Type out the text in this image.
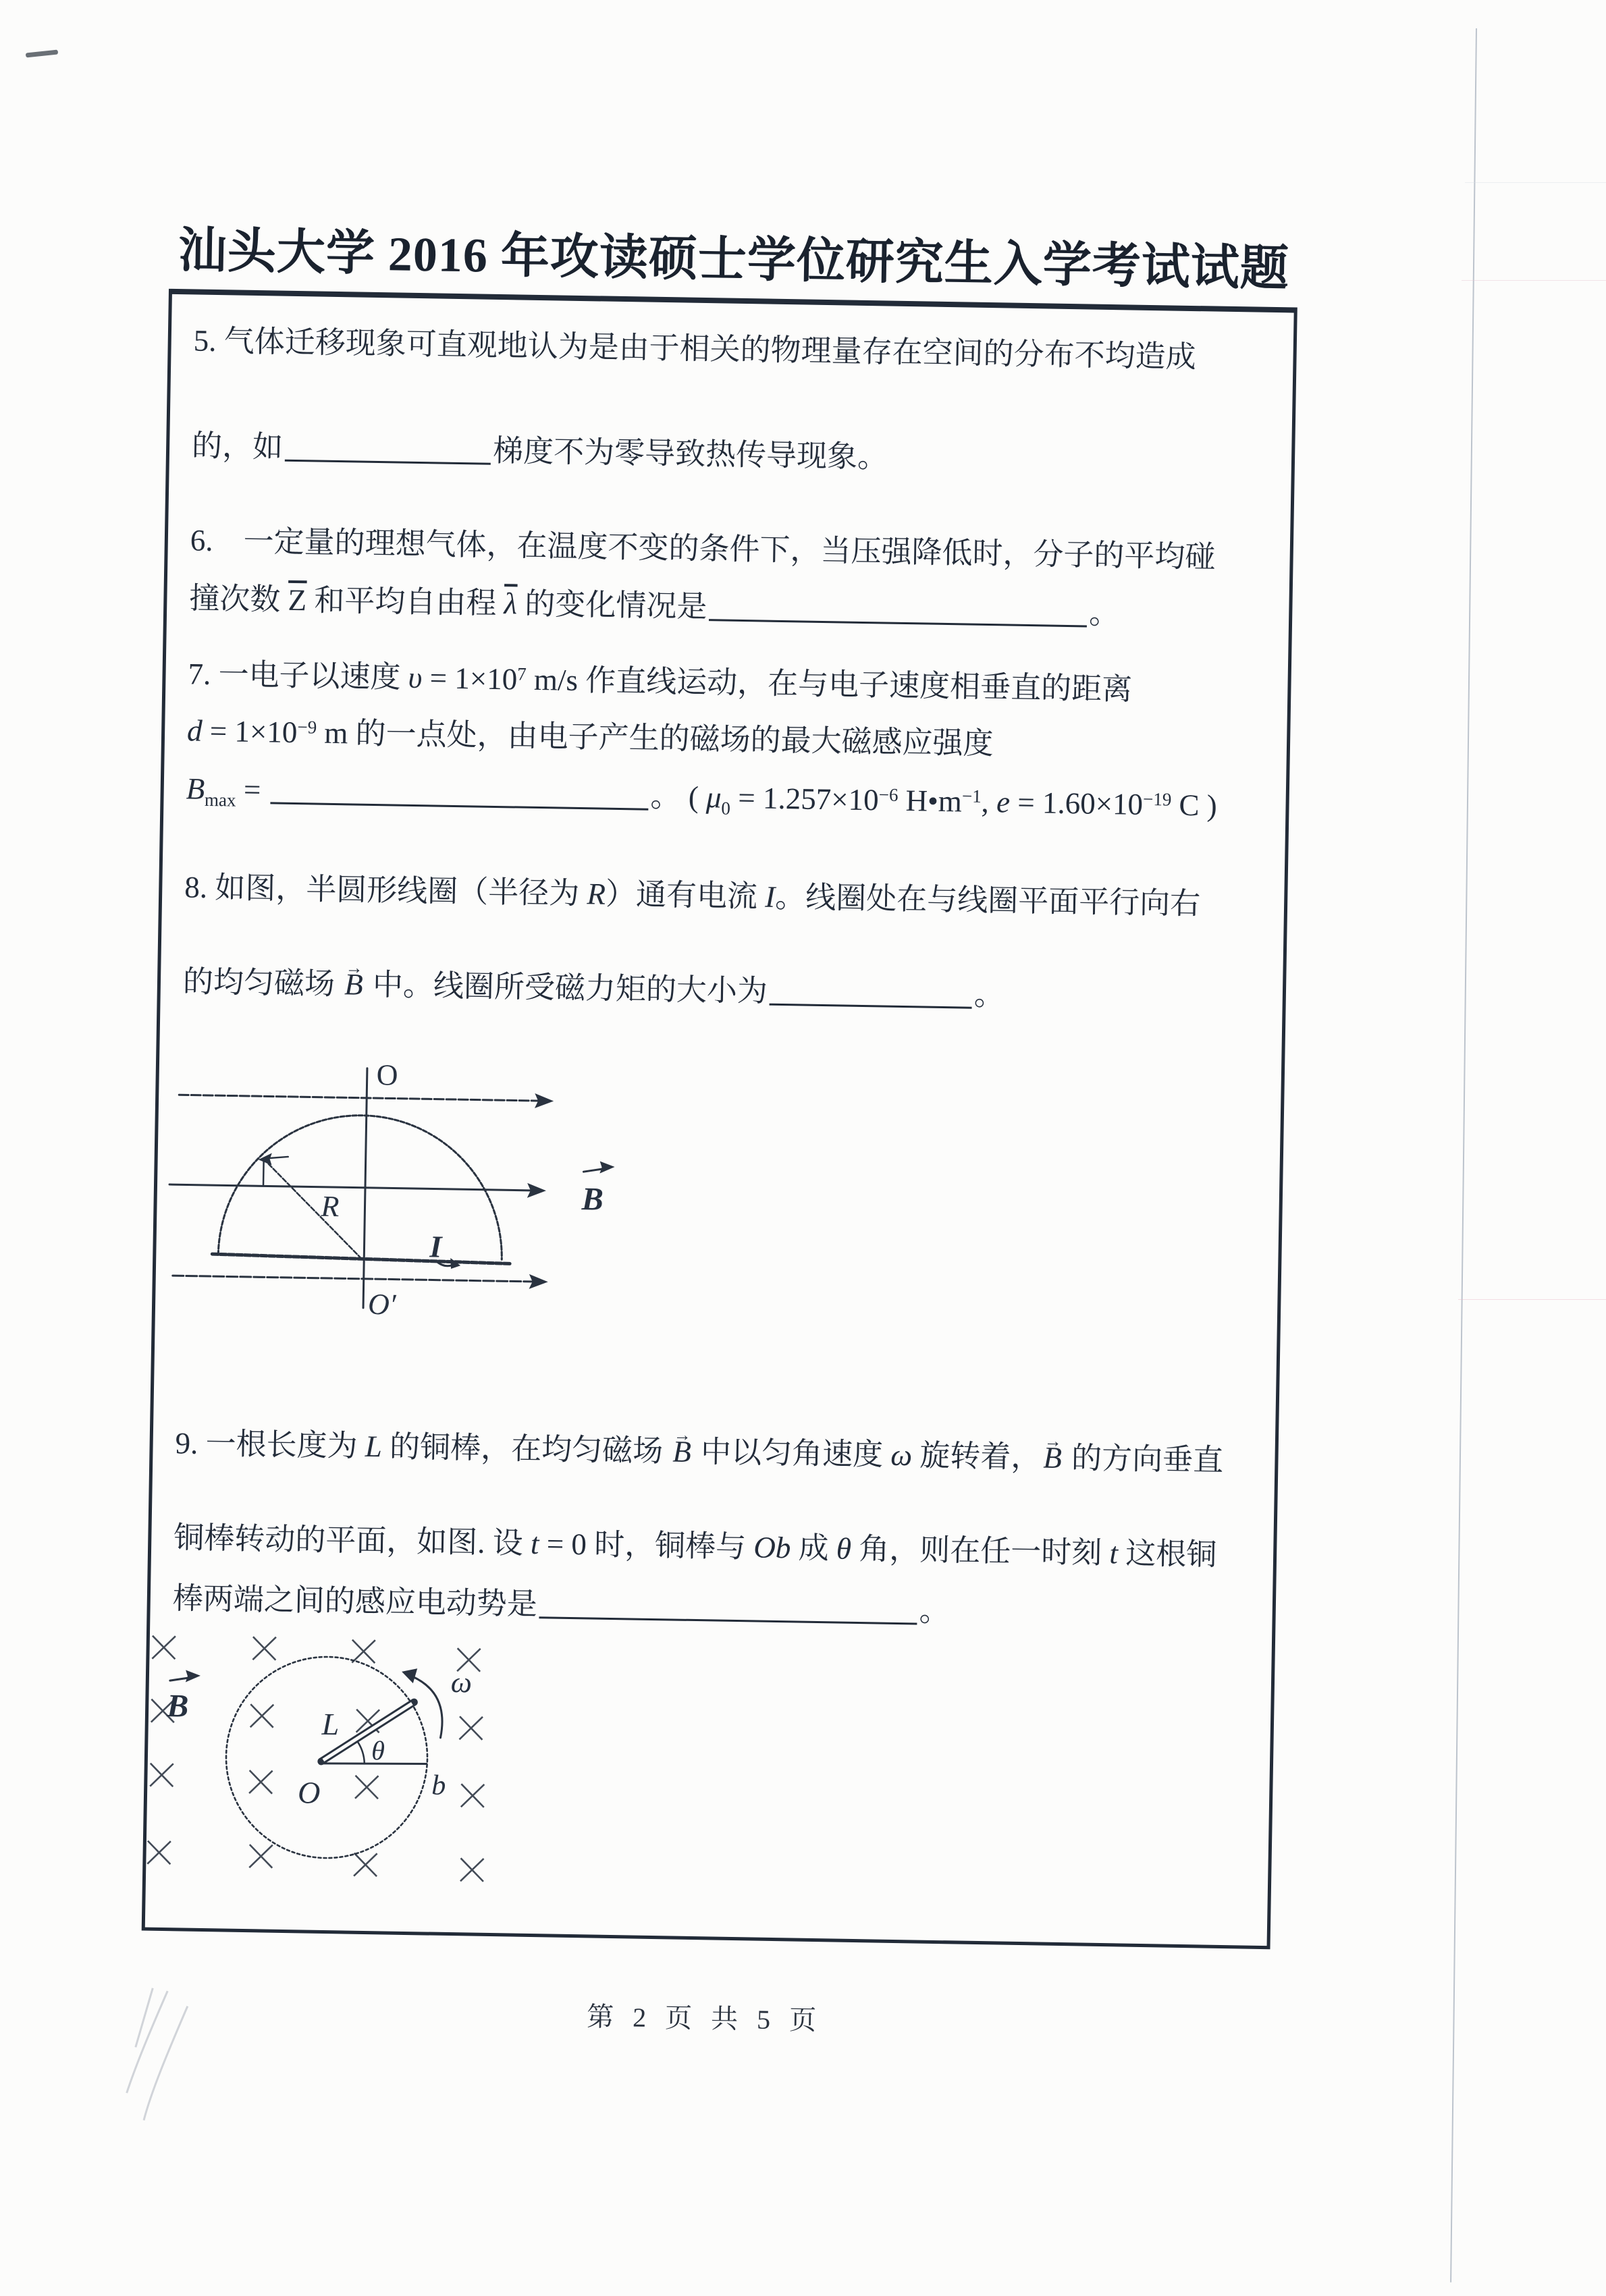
汕头大学 2016 年攻读硕士学位研究生入学考试试题
5. 气体迁移现象可直观地认为是由于相关的物理量存在空间的分布不均造成
的，如	梯度不为零导致热传导现象。
6.　一定量的理想气体，在温度不变的条件下，当压强降低时，分子的平均碰
撞次数 $\overline{Z}$ 和平均自由程 $\overline{\lambda}$ 的变化情况是	。
7. 一电子以速度 $\upsilon = 1\times 10^7$ m/s 作直线运动，在与电子速度相垂直的距离
$d = 1\times 10^{-9}$ m 的一点处，由电子产生的磁场的最大磁感应强度
$B_{max}$ =	。 ( $\mu_0 = 1.257\times 10^{-6}$ $H•m^{-1}$, $e = 1.60\times 10^{-19}$ C )
8. 如图，半圆形线圈（半径为 R）通有电流 I。线圈处在与线圈平面平行向右
的均匀磁场 B → 中。线圈所受磁力矩的大小为	。
O
O′
B
R
I
9. 一根长度为 L 的铜棒，在均匀磁场 B → 中以匀角速度 ω 旋转着，B → 的方向垂直
铜棒转动的平面，如图. 设 t = 0 时，铜棒与 Ob 成 θ 角，则在任一时刻 t 这根铜
棒两端之间的感应电动势是	。
B	L
O	b
ω
θ
第 2 页 共 5 页
